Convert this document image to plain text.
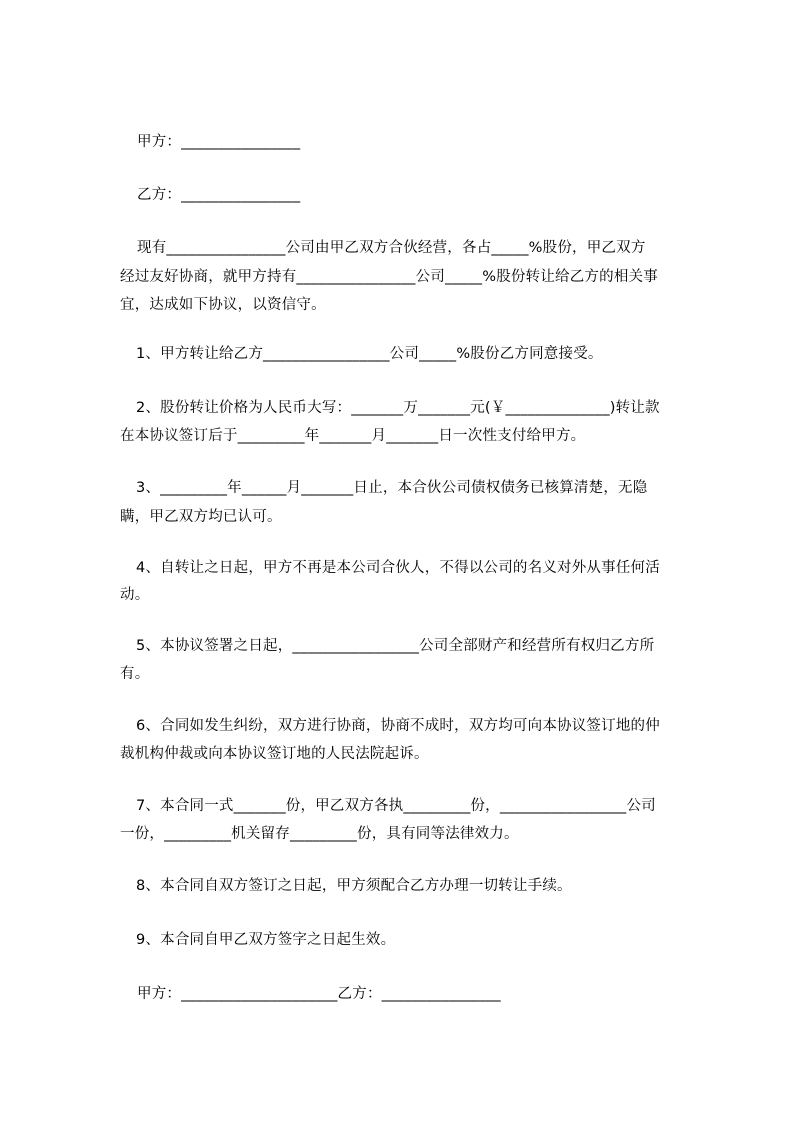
甲方：________________
乙方：________________
现有________________公司由甲乙双方合伙经营，各占_____%股份，甲乙双方
经过友好协商，就甲方持有________________公司_____%股份转让给乙方的相关事
宜，达成如下协议，以资信守。
1、甲方转让给乙方_________________公司_____%股份乙方同意接受。
2、股份转让价格为人民币大写：_______万_______元(￥______________)转让款
在本协议签订后于_________年_______月_______日一次性支付给甲方。
3、_________年______月_______日止，本合伙公司债权债务已核算清楚，无隐
瞒，甲乙双方均已认可。
4、自转让之日起，甲方不再是本公司合伙人，不得以公司的名义对外从事任何活
动。
5、本协议签署之日起，_________________公司全部财产和经营所有权归乙方所
有。
6、合同如发生纠纷，双方进行协商，协商不成时，双方均可向本协议签订地的仲
裁机构仲裁或向本协议签订地的人民法院起诉。
7、本合同一式_______份，甲乙双方各执_________份，_________________公司
一份，_________机关留存_________份，具有同等法律效力。
8、本合同自双方签订之日起，甲方须配合乙方办理一切转让手续。
9、本合同自甲乙双方签字之日起生效。
甲方：_____________________乙方：________________
